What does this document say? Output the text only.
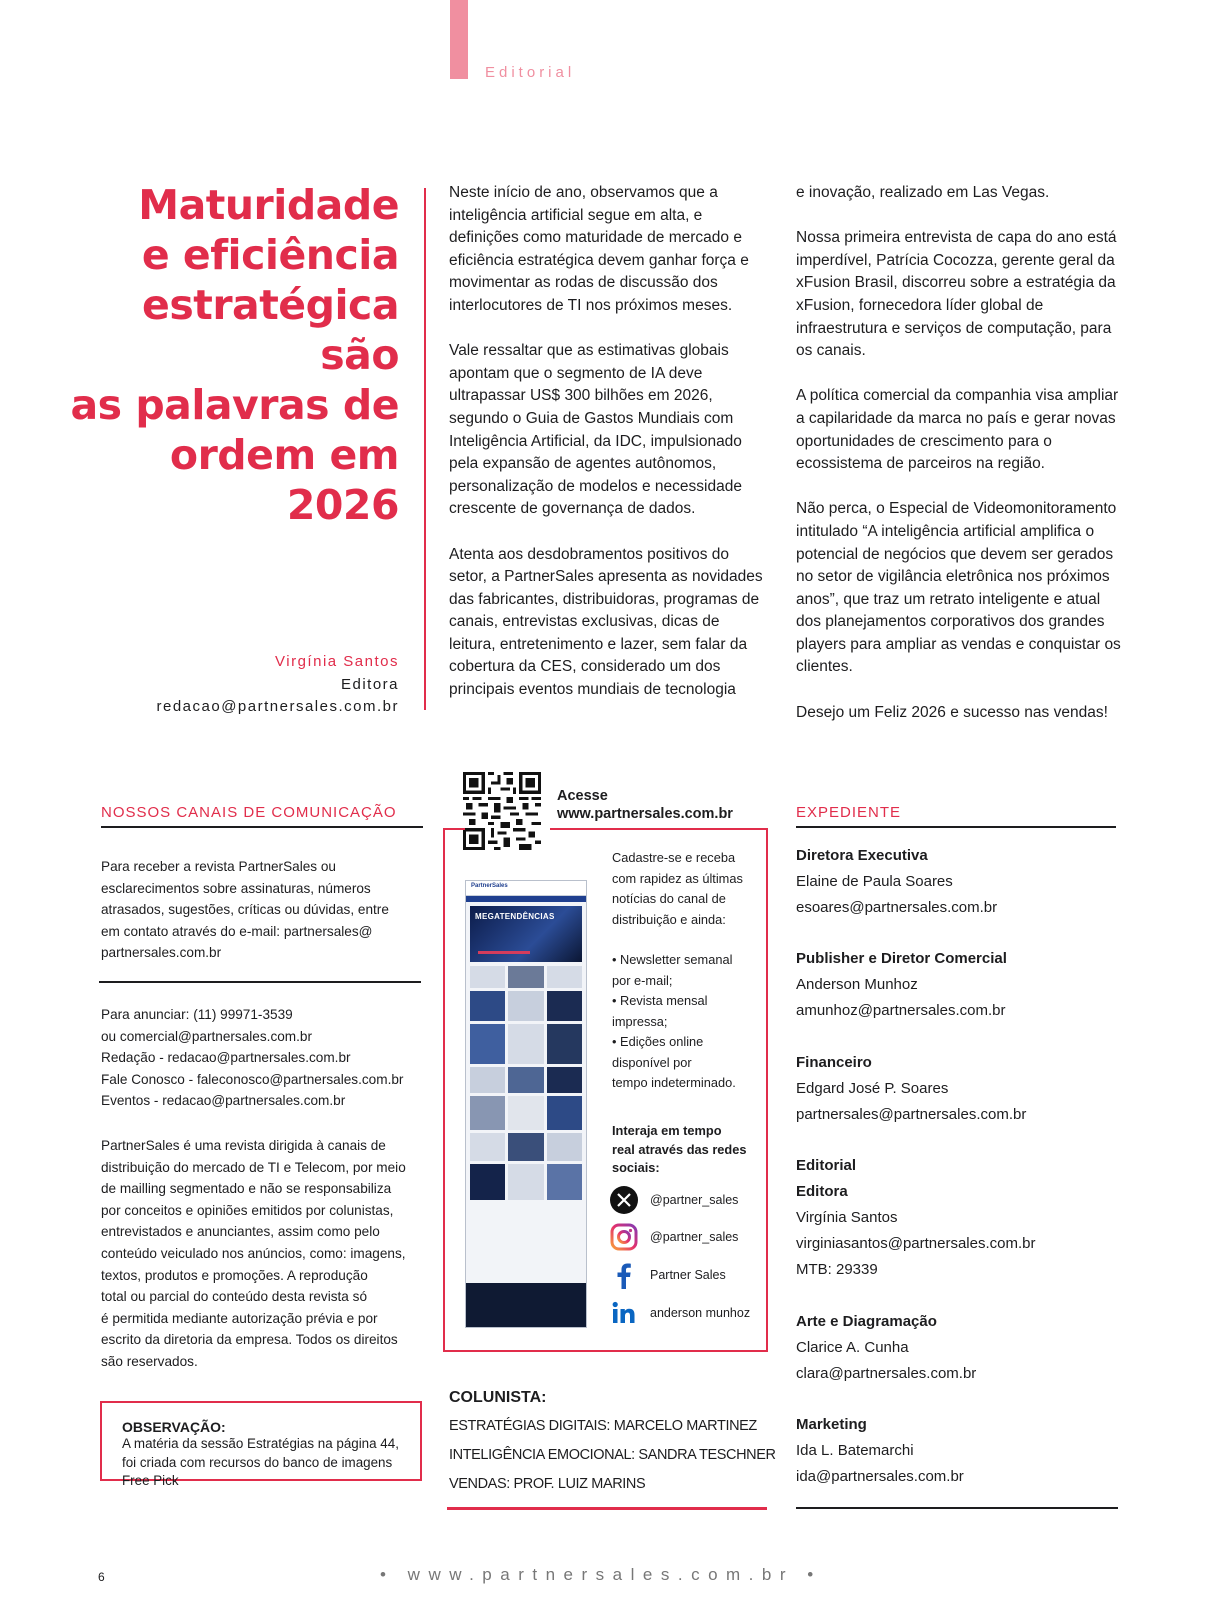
Editorial
Maturidade
e eficiência
estratégica são
as palavras de
ordem em 2026
Virgínia Santos
Editora
redacao@partnersales.com.br

Neste início de ano, observamos que a inteligência artificial segue em alta, e definições como maturidade de mercado e eficiência estratégica devem ganhar força e movimentar as rodas de discussão dos interlocutores de TI nos próximos meses.

Vale ressaltar que as estimativas globais apontam que o segmento de IA deve ultrapassar US$ 300 bilhões em 2026, segundo o Guia de Gastos Mundiais com Inteligência Artificial, da IDC, impulsionado pela expansão de agentes autônomos, personalização de modelos e necessidade crescente de governança de dados.

Atenta aos desdobramentos positivos do setor, a PartnerSales apresenta as novidades das fabricantes, distribuidoras, programas de canais, entrevistas exclusivas, dicas de leitura, entretenimento e lazer, sem falar da cobertura da CES, considerado um dos principais eventos mundiais de tecnologia

e inovação, realizado em Las Vegas.

Nossa primeira entrevista de capa do ano está imperdível, Patrícia Cocozza, gerente geral da xFusion Brasil, discorreu sobre a estratégia da xFusion, fornecedora líder global de infraestrutura e serviços de computação, para os canais.

A política comercial da companhia visa ampliar a capilaridade da marca no país e gerar novas oportunidades de crescimento para o ecossistema de parceiros na região.

Não perca, o Especial de Videomonitoramento intitulado “A inteligência artificial amplifica o potencial de negócios que devem ser gerados no setor de vigilância eletrônica nos próximos anos”, que traz um retrato inteligente e atual dos planejamentos corporativos dos grandes players para ampliar as vendas e conquistar os clientes.

Desejo um Feliz 2026 e sucesso nas vendas!

NOSSOS CANAIS DE COMUNICAÇÃO
Para receber a revista PartnerSales ou
esclarecimentos sobre assinaturas, números
atrasados, sugestões, críticas ou dúvidas, entre
em contato através do e-mail: partnersales@
partnersales.com.br
Para anunciar: (11) 99971-3539
ou comercial@partnersales.com.br
Redação - redacao@partnersales.com.br
Fale Conosco - faleconosco@partnersales.com.br
Eventos - redacao@partnersales.com.br
PartnerSales é uma revista dirigida à canais de
distribuição do mercado de TI e Telecom, por meio
de mailling segmentado e não se responsabiliza
por conceitos e opiniões emitidos por colunistas,
entrevistados e anunciantes, assim como pelo
conteúdo veiculado nos anúncios, como: imagens,
textos, produtos e promoções. A reprodução
total ou parcial do conteúdo desta revista só
é permitida mediante autorização prévia e por
escrito da diretoria da empresa. Todos os direitos
são reservados.
OBSERVAÇÃO:
A matéria da sessão Estratégias na página 44,
foi criada com recursos do banco de imagens
Free Pick
Acesse
www.partnersales.com.br
PartnerSales
MEGATENDÊNCIAS

Cadastre-se e receba
com rapidez as últimas
notícias do canal de
distribuição e ainda:

• Newsletter semanal
por e-mail;
• Revista mensal
impressa;
• Edições online
disponível por
tempo indeterminado.

Interaja em tempo
real através das redes
sociais:
@partner_sales
@partner_sales
Partner Sales
anderson munhoz
COLUNISTA:
ESTRATÉGIAS DIGITAIS: MARCELO MARTINEZ
INTELIGÊNCIA EMOCIONAL: SANDRA TESCHNER
VENDAS: PROF. LUIZ MARINS
EXPEDIENTE
Diretora Executiva
Elaine de Paula Soares
esoares@partnersales.com.br
Publisher e Diretor Comercial
Anderson Munhoz
amunhoz@partnersales.com.br
Financeiro
Edgard José P. Soares
partnersales@partnersales.com.br
Editorial
Editora
Virgínia Santos
virginiasantos@partnersales.com.br
MTB: 29339
Arte e Diagramação
Clarice A. Cunha
clara@partnersales.com.br
Marketing
Ida L. Batemarchi
ida@partnersales.com.br
6	• www.partnersales.com.br •
